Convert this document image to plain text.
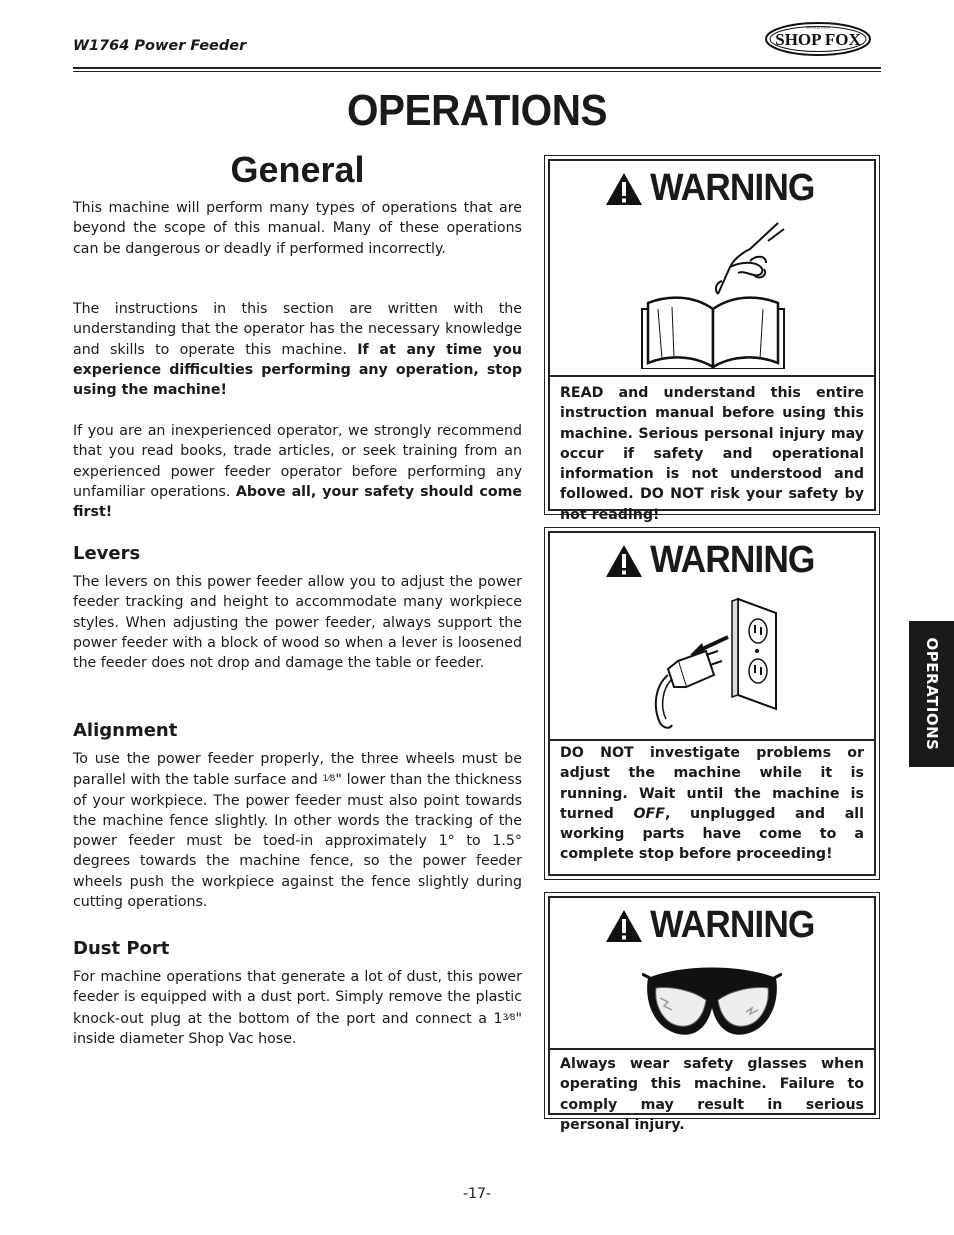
W1764 Power Feeder	SHOP FOX
WOODSTOCK
OPERATIONS
General

This machine will perform many types of operations that are beyond the scope of this manual. Many of these operations can be dangerous or deadly if performed incorrectly.

The instructions in this section are written with the understanding that the operator has the necessary knowledge and skills to operate this machine. If at any time you experience difficulties performing any operation, stop using the machine!

If you are an inexperienced operator, we strongly recommend that you read books, trade articles, or seek training from an experienced power feeder operator before performing any unfamiliar operations. Above all, your safety should come first!

Levers

The levers on this power feeder allow you to adjust the power feeder tracking and height to accommodate many workpiece styles. When adjusting the power feeder, always support the power feeder with a block of wood so when a lever is loosened the feeder does not drop and damage the table or feeder.

Alignment

To use the power feeder properly, the three wheels must be parallel with the table surface and $^{1⁄8}$" lower than the thickness of your workpiece. The power feeder must also point towards the machine fence slightly. In other words the tracking of the power feeder must be toed-in approximately 1° to 1.5° degrees towards the machine fence, so the power feeder wheels push the workpiece against the fence slightly during cutting operations.

Dust Port

For machine operations that generate a lot of dust, this power feeder is equipped with a dust port. Simply remove the plastic knock-out plug at the bottom of the port and connect a $1^{3⁄8}$" inside diameter Shop Vac hose.

WARNING

READ and understand this entire instruction manual before using this machine. Serious personal injury may occur if safety and operational information is not understood and followed. DO NOT risk your safety by not reading!

WARNING

DO NOT investigate problems or adjust the machine while it is running. Wait until the machine is turned OFF, unplugged and all working parts have come to a complete stop before proceeding!

WARNING

Always wear safety glasses when operating this machine. Failure to comply may result in serious personal injury.

OPERATIONS
-17-
